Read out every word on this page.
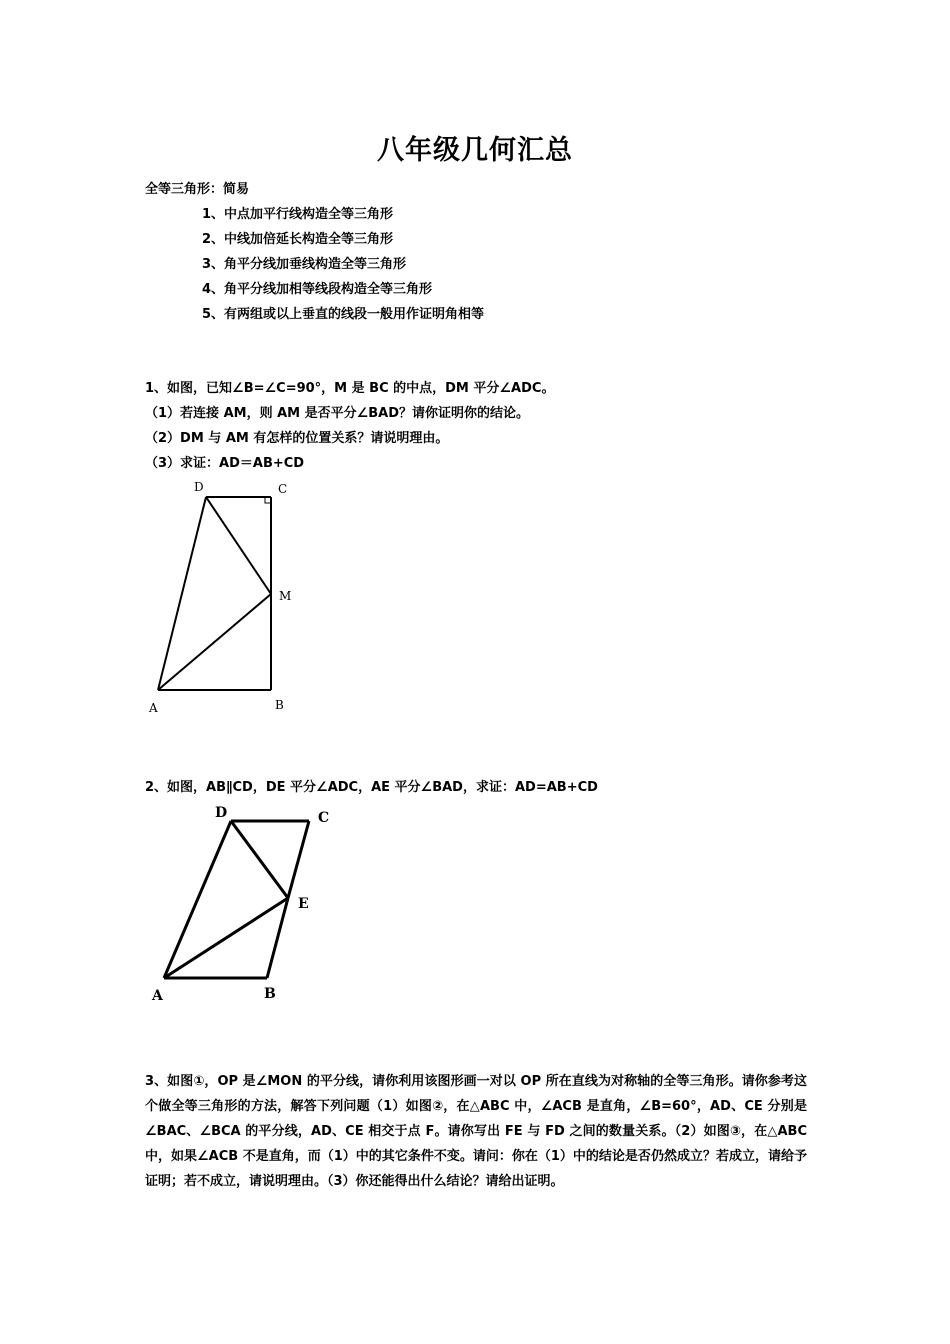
八年级几何汇总
全等三角形：简易
1、中点加平行线构造全等三角形
2、中线加倍延长构造全等三角形
3、角平分线加垂线构造全等三角形
4、角平分线加相等线段构造全等三角形
5、有两组或以上垂直的线段一般用作证明角相等
1、如图，已知∠B=∠C=90°，M 是 BC 的中点，DM 平分∠ADC。
（1）若连接 AM，则 AM 是否平分∠BAD？请你证明你的结论。
（2）DM 与 AM 有怎样的位置关系？请说明理由。
（3）求证：AD＝AB+CD
D	C
M
A	B
2、如图，AB∥CD，DE 平分∠ADC，AE 平分∠BAD，求证：AD=AB+CD
D	C
E
A	B
3、如图①，OP 是∠MON 的平分线，请你利用该图形画一对以 OP 所在直线为对称轴的全等三角形。请你参考这个做全等三角形的方法，解答下列问题（1）如图②，在△ABC 中，∠ACB 是直角，∠B=60°，AD、CE 分别是∠BAC、∠BCA 的平分线，AD、CE 相交于点 F。请你写出 FE 与 FD 之间的数量关系。（2）如图③，在△ABC 中，如果∠ACB 不是直角，而（1）中的其它条件不变。请问：你在（1）中的结论是否仍然成立？若成立，请给予证明；若不成立，请说明理由。（3）你还能得出什么结论？请给出证明。
